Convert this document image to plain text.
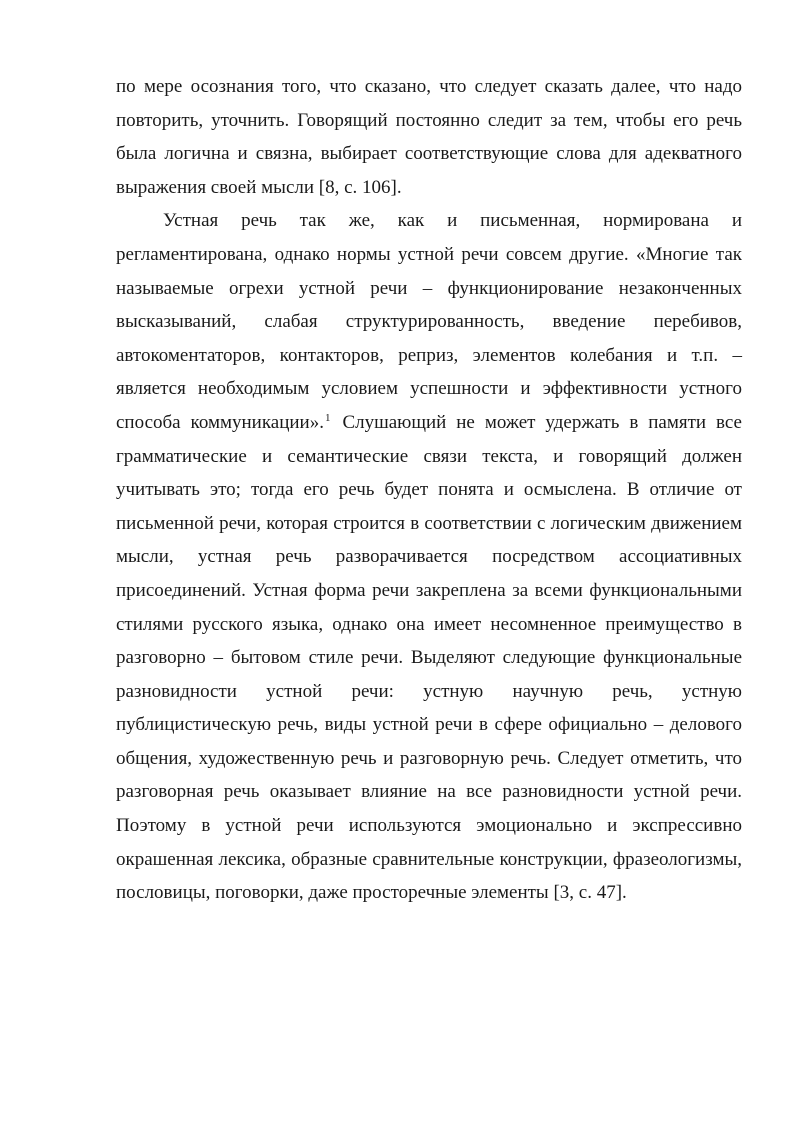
по мере осознания того, что сказано, что следует сказать далее, что надо повторить, уточнить. Говорящий постоянно следит за тем, чтобы его речь была логична и связна, выбирает соответствующие слова для адекватного выражения своей мысли [8, с. 106].

Устная речь так же, как и письменная, нормирована и регламентирована, однако нормы устной речи совсем другие. «Многие так называемые огрехи устной речи – функционирование незаконченных высказываний, слабая структурированность, введение перебивов, автокоментаторов, контакторов, реприз, элементов колебания и т.п. – является необходимым условием успешности и эффективности устного способа коммуникации».$^1$ Слушающий не может удержать в памяти все грамматические и семантические связи текста, и говорящий должен учитывать это; тогда его речь будет понята и осмыслена. В отличие от письменной речи, которая строится в соответствии с логическим движением мысли, устная речь разворачивается посредством ассоциативных присоединений. Устная форма речи закреплена за всеми функциональными стилями русского языка, однако она имеет несомненное преимущество в разговорно – бытовом стиле речи. Выделяют следующие функциональные разновидности устной речи: устную научную речь, устную публицистическую речь, виды устной речи в сфере официально – делового общения, художественную речь и разговорную речь. Следует отметить, что разговорная речь оказывает влияние на все разновидности устной речи. Поэтому в устной речи используются эмоционально и экспрессивно окрашенная лексика, образные сравнительные конструкции, фразеологизмы, пословицы, поговорки, даже просторечные элементы [3, с. 47].
